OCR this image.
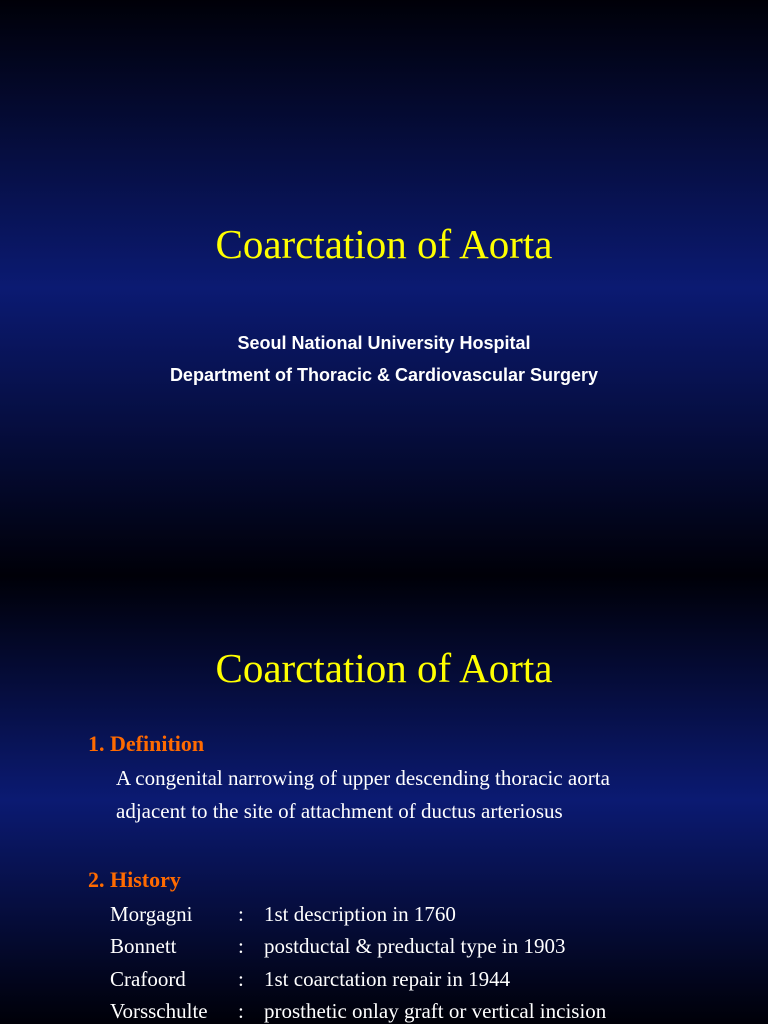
Coarctation of Aorta
Seoul National University Hospital
Department of Thoracic & Cardiovascular Surgery
Coarctation of Aorta
1. Definition
A congenital narrowing of upper descending thoracic aorta
adjacent to the site of attachment of ductus arteriosus
2. History
Morgagni : 1st description in 1760
Bonnett	: postductal & preductal type in 1903
Crafoord : 1st coarctation repair in 1944
Vorsschulte : prosthetic onlay graft or vertical incision
